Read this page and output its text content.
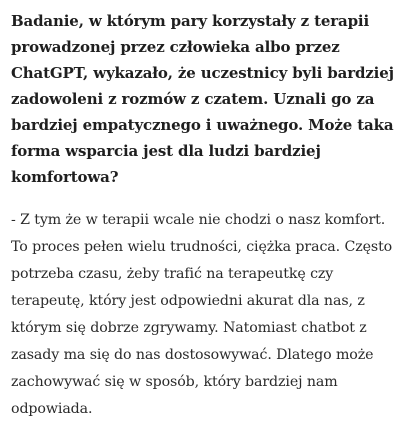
Badanie, w którym pary korzystały z terapii prowadzonej przez człowieka albo przez ChatGPT, wykazało, że uczestnicy byli bardziej zadowoleni z rozmów z czatem. Uznali go za bardziej empatycznego i uważnego. Może taka forma wsparcia jest dla ludzi bardziej komfortowa?

- Z tym że w terapii wcale nie chodzi o nasz komfort. To proces pełen wielu trudności, ciężka praca. Często potrzeba czasu, żeby trafić na terapeutkę czy terapeutę, który jest odpowiedni akurat dla nas, z którym się dobrze zgrywamy. Natomiast chatbot z zasady ma się do nas dostosowywać. Dlatego może zachowywać się w sposób, który bardziej nam odpowiada.
